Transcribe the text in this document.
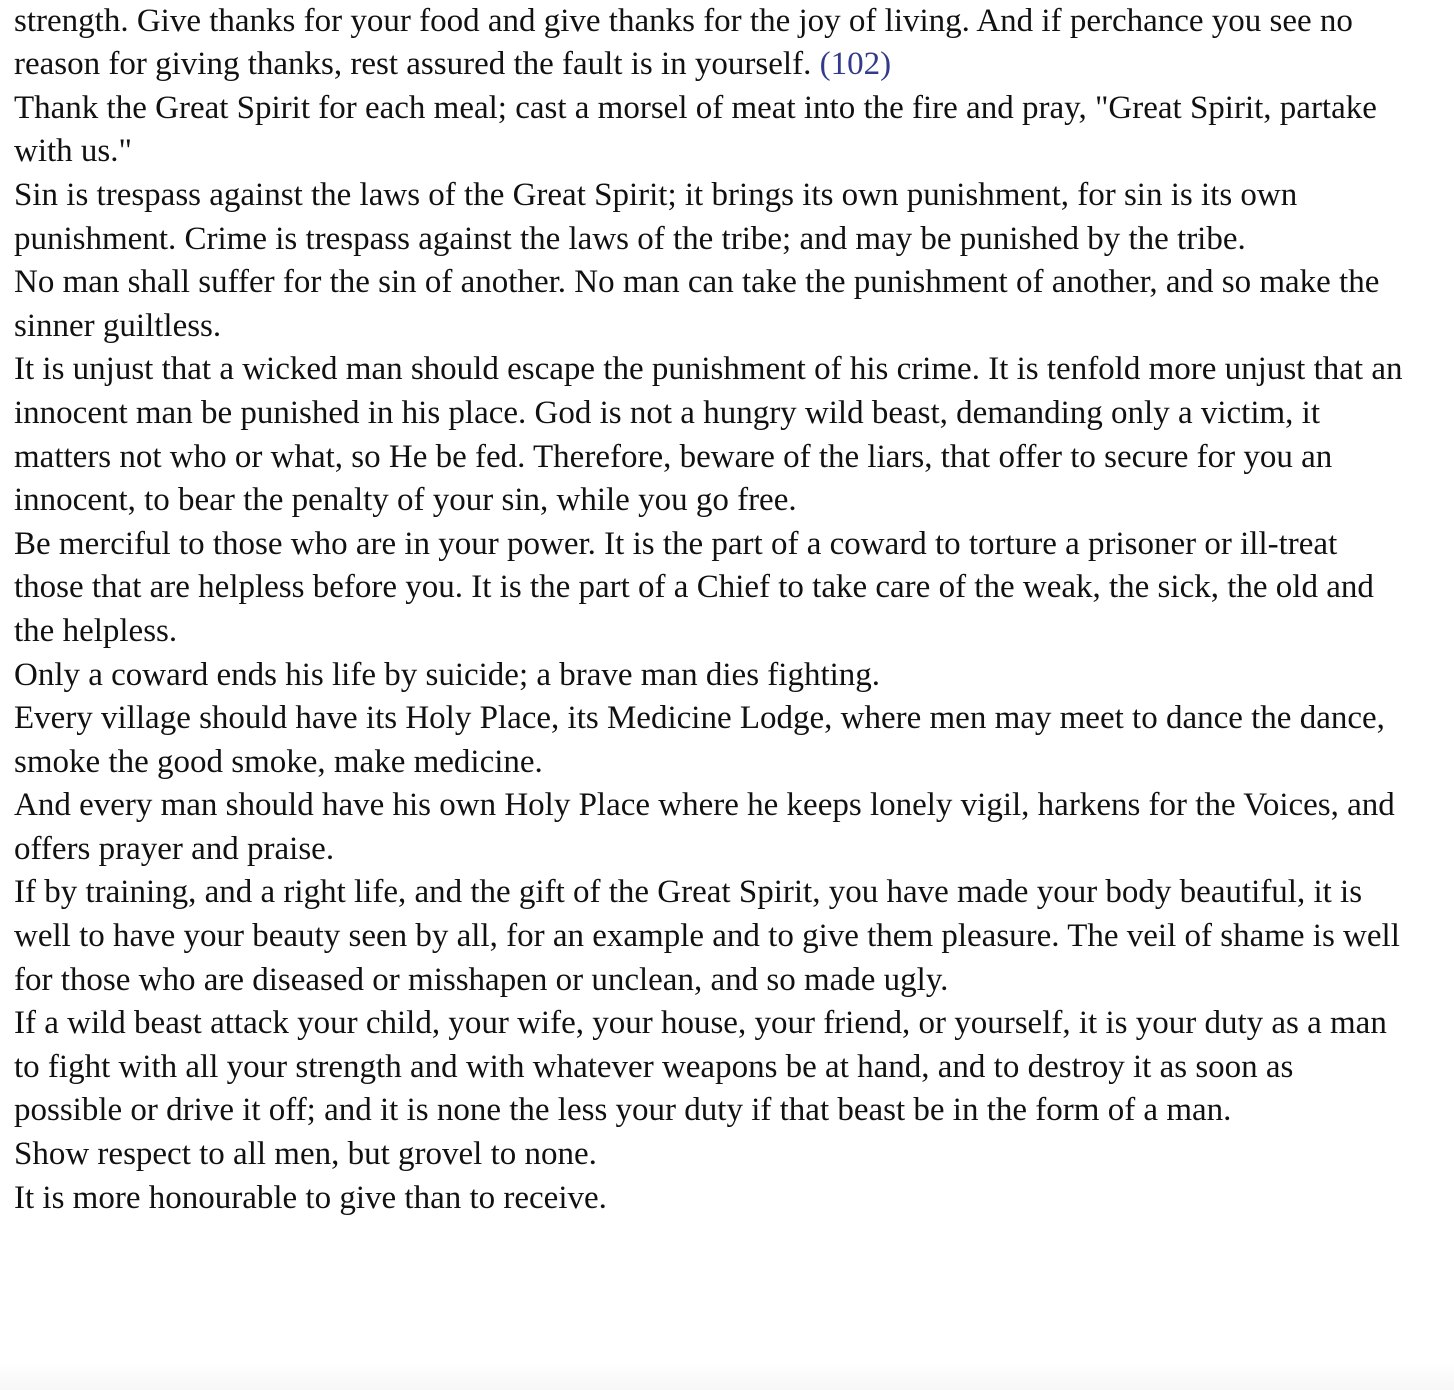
strength. Give thanks for your food and give thanks for the joy of living. And if perchance you see no reason for giving thanks, rest assured the fault is in yourself. (102)

Thank the Great Spirit for each meal; cast a morsel of meat into the fire and pray, "Great Spirit, partake with us."

Sin is trespass against the laws of the Great Spirit; it brings its own punishment, for sin is its own punishment. Crime is trespass against the laws of the tribe; and may be punished by the tribe.

No man shall suffer for the sin of another. No man can take the punishment of another, and so make the sinner guiltless.

It is unjust that a wicked man should escape the punishment of his crime. It is tenfold more unjust that an innocent man be punished in his place. God is not a hungry wild beast, demanding only a victim, it matters not who or what, so He be fed. Therefore, beware of the liars, that offer to secure for you an innocent, to bear the penalty of your sin, while you go free.

Be merciful to those who are in your power. It is the part of a coward to torture a prisoner or ill-treat those that are helpless before you. It is the part of a Chief to take care of the weak, the sick, the old and the helpless.

Only a coward ends his life by suicide; a brave man dies fighting.

Every village should have its Holy Place, its Medicine Lodge, where men may meet to dance the dance, smoke the good smoke, make medicine.

And every man should have his own Holy Place where he keeps lonely vigil, harkens for the Voices, and offers prayer and praise.

If by training, and a right life, and the gift of the Great Spirit, you have made your body beautiful, it is well to have your beauty seen by all, for an example and to give them pleasure. The veil of shame is well for those who are diseased or misshapen or unclean, and so made ugly.

If a wild beast attack your child, your wife, your house, your friend, or yourself, it is your duty as a man to fight with all your strength and with whatever weapons be at hand, and to destroy it as soon as possible or drive it off; and it is none the less your duty if that beast be in the form of a man.

Show respect to all men, but grovel to none.

It is more honourable to give than to receive.
